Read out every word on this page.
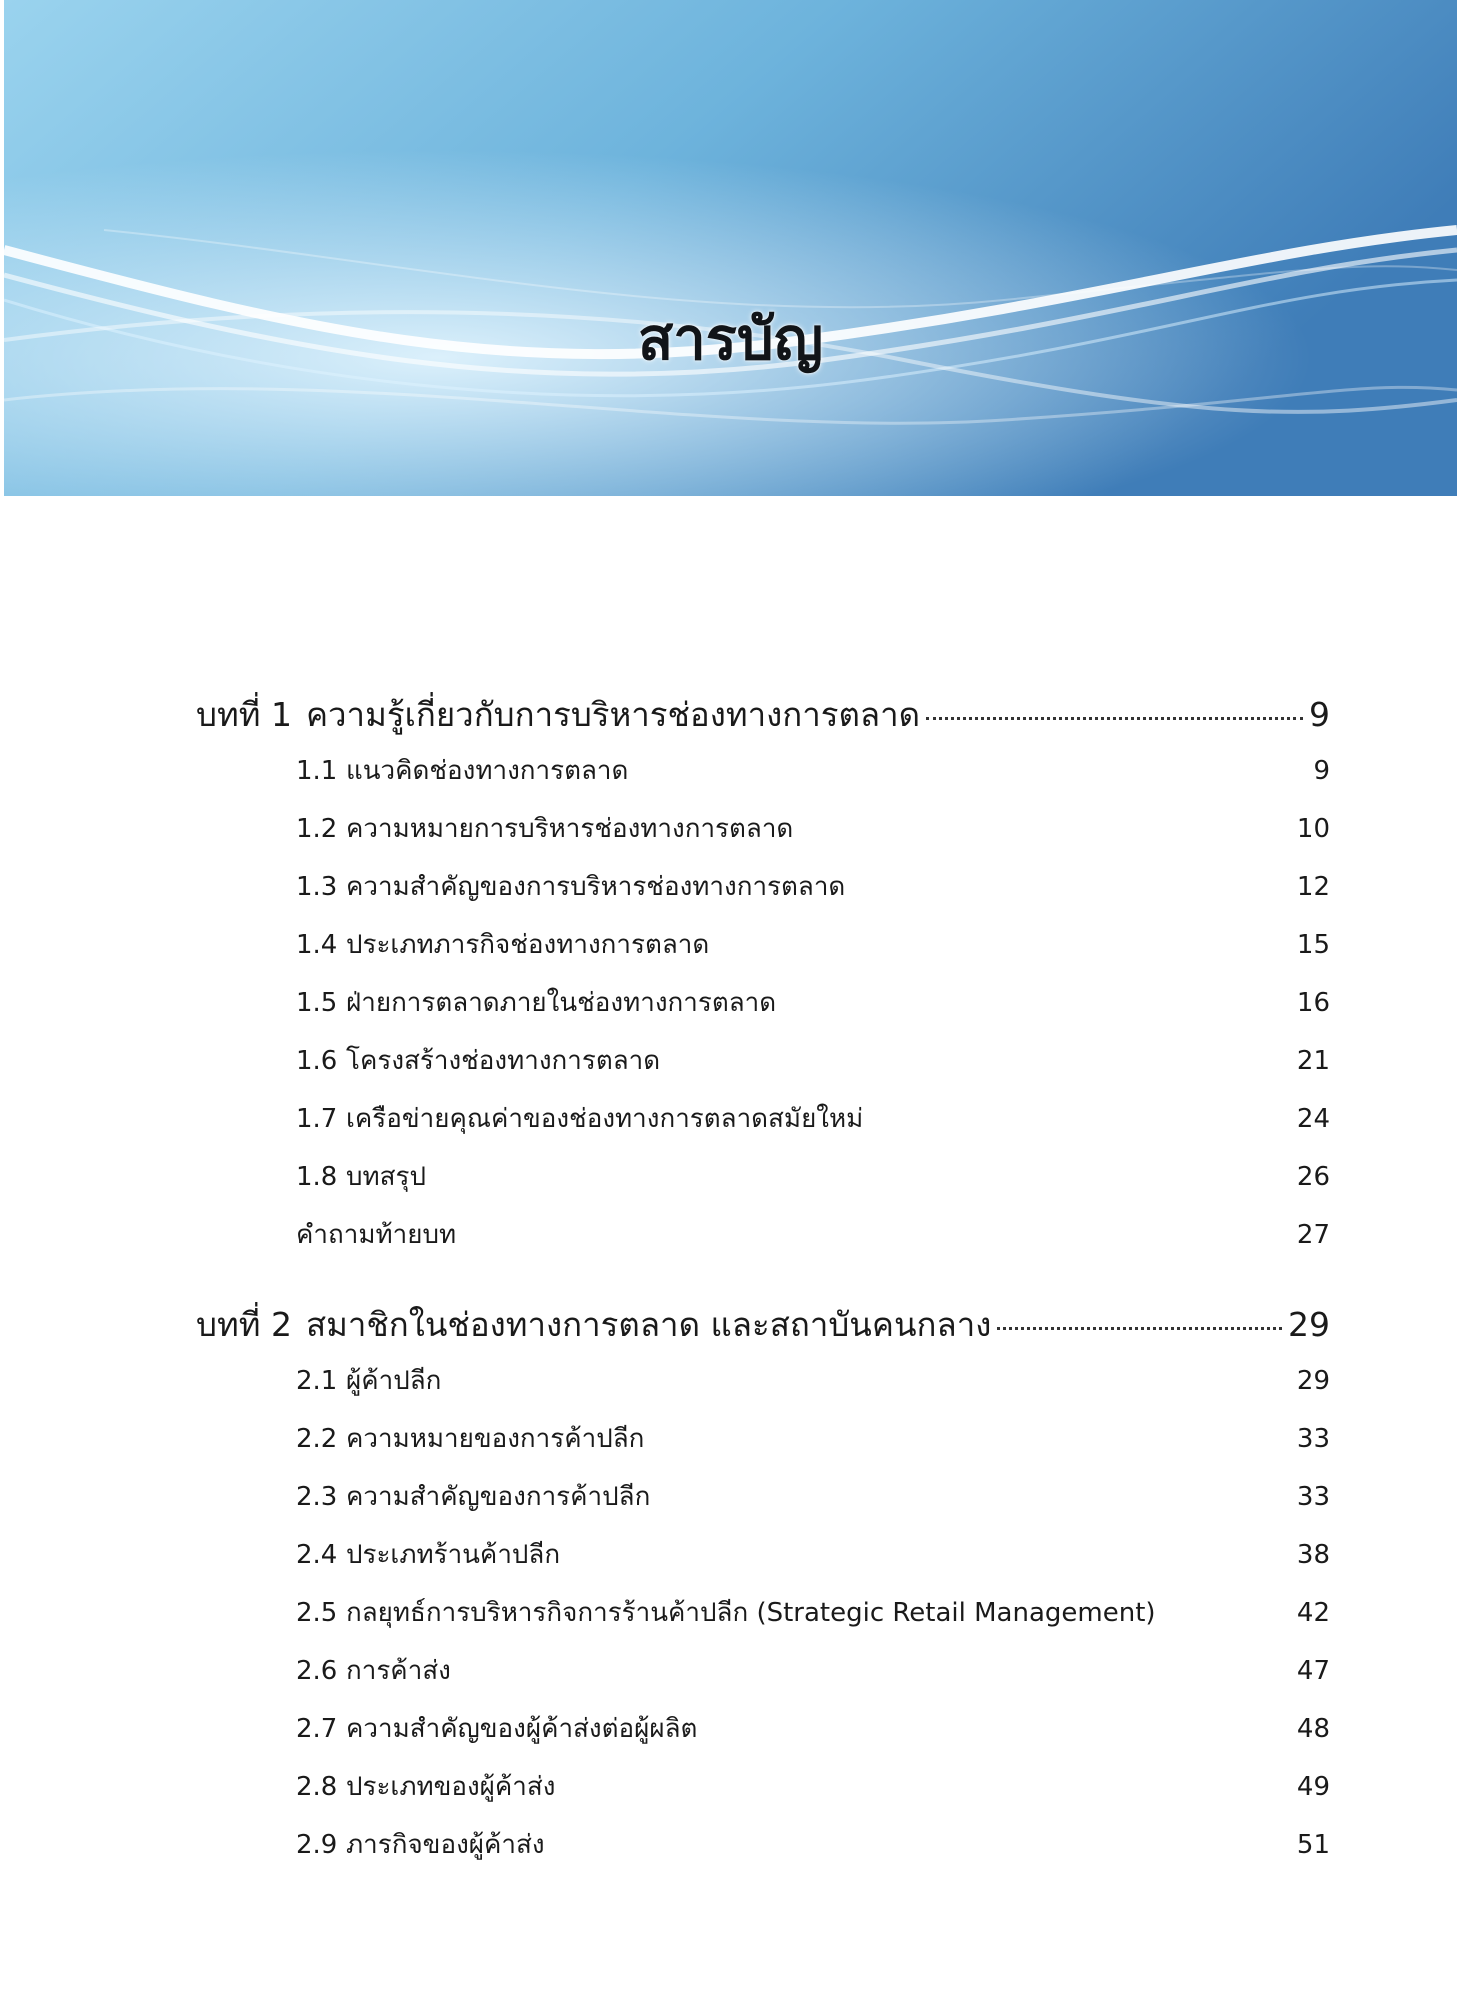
สารบัญ
บทที่ 1 ความรู้เกี่ยวกับการบริหารช่องทางการตลาด	9
1.1 แนวคิดช่องทางการตลาด	9
1.2 ความหมายการบริหารช่องทางการตลาด	10
1.3 ความสำคัญของการบริหารช่องทางการตลาด	12
1.4 ประเภทภารกิจช่องทางการตลาด	15
1.5 ฝ่ายการตลาดภายในช่องทางการตลาด	16
1.6 โครงสร้างช่องทางการตลาด	21
1.7 เครือข่ายคุณค่าของช่องทางการตลาดสมัยใหม่	24
1.8 บทสรุป	26
คำถามท้ายบท	27
บทที่ 2 สมาชิกในช่องทางการตลาด และสถาบันคนกลาง	29
2.1 ผู้ค้าปลีก	29
2.2 ความหมายของการค้าปลีก	33
2.3 ความสำคัญของการค้าปลีก	33
2.4 ประเภทร้านค้าปลีก	38
2.5 กลยุทธ์การบริหารกิจการร้านค้าปลีก (Strategic Retail Management)	42
2.6 การค้าส่ง	47
2.7 ความสำคัญของผู้ค้าส่งต่อผู้ผลิต	48
2.8 ประเภทของผู้ค้าส่ง	49
2.9 ภารกิจของผู้ค้าส่ง	51
